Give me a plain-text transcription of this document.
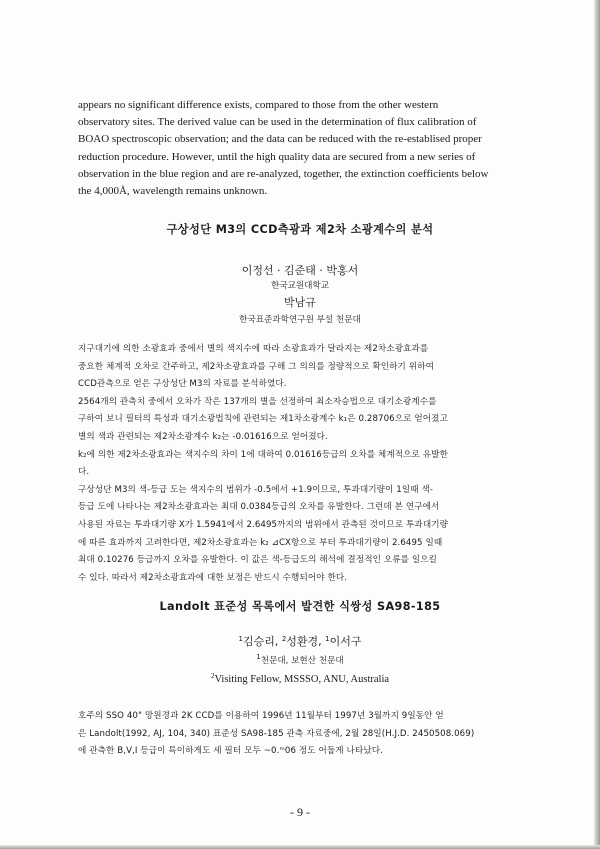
appears no significant difference exists, compared to those from the other western
observatory sites. The derived value can be used in the determination of flux calibration of
BOAO spectroscopic observation; and the data can be reduced with the re-establised proper
reduction procedure. However, until the high quality data are secured from a new series of
observation in the blue region and are re-analyzed, together, the extinction coefficients below
the 4,000Å, wavelength remains unknown.
구상성단 M3의 CCD측광과 제2차 소광계수의 분석
이정선 · 김준태 · 박홍서
한국교원대학교
박남규
한국표준과학연구원 부설 천문대
지구대기에 의한 소광효과 중에서 별의 색지수에 따라 소광효과가 달라지는 제2차소광효과를
중요한 체계적 오차로 간주하고, 제2차소광효과를 구해 그 의의를 정량적으로 확인하기 위하여
CCD관측으로 얻은 구상성단 M3의 자료를 분석하였다.
2564개의 관측치 중에서 오차가 작은 137개의 별을 선정하여 최소자승법으로 대기소광계수를
구하여 보니 필터의 특성과 대기소광법칙에 관련되는 제1차소광계수 k₁은 0.28706으로 얻어졌고
별의 색과 관련되는 제2차소광계수 k₂는 -0.01616으로 얻어졌다.
k₂에 의한 제2차소광효과는 색지수의 차이 1에 대하여 0.01616등급의 오차를 체계적으로 유발한
다.
구상성단 M3의 색-등급 도는 색지수의 범위가 -0.5에서 +1.9이므로, 투과대기량이 1일때 색-
등급 도에 나타나는 제2차소광효과는 최대 0.0384등급의 오차를 유발한다. 그런데 본 연구에서
사용된 자료는 투과대기량 X가 1.5941에서 2.6495까지의 범위에서 관측된 것이므로 투과대기량
에 따른 효과까지 고려한다면, 제2차소광효과는 k₂ ⊿CX항으로 부터 투과대기량이 2.6495 일때
최대 0.10276 등급까지 오차를 유발한다. 이 값은 색-등급도의 해석에 결정적인 오류를 일으킬
수 있다. 따라서 제2차소광효과에 대한 보정은 반드시 수행되어야 한다.
Landolt 표준성 목록에서 발견한 식쌍성 SA98-185
$^1$김승리, $^2$성환경, $^1$이서구
$^1$천문대, 보현산 천문대
$^2$Visiting Fellow, MSSSO, ANU, Australia
호주의 SSO 40" 망원경과 2K CCD를 이용하여 1996년 11월부터 1997년 3월까지 9일동안 얻
은 Landolt(1992, AJ, 104, 340) 표준성 SA98-185 관측 자료중에, 2월 28일(H.J.D. 2450508.069)
에 관측한 B,V,I 등급이 특이하게도 세 필터 모두 ~0.ᵐ06 정도 어둡게 나타났다.
- 9 -
